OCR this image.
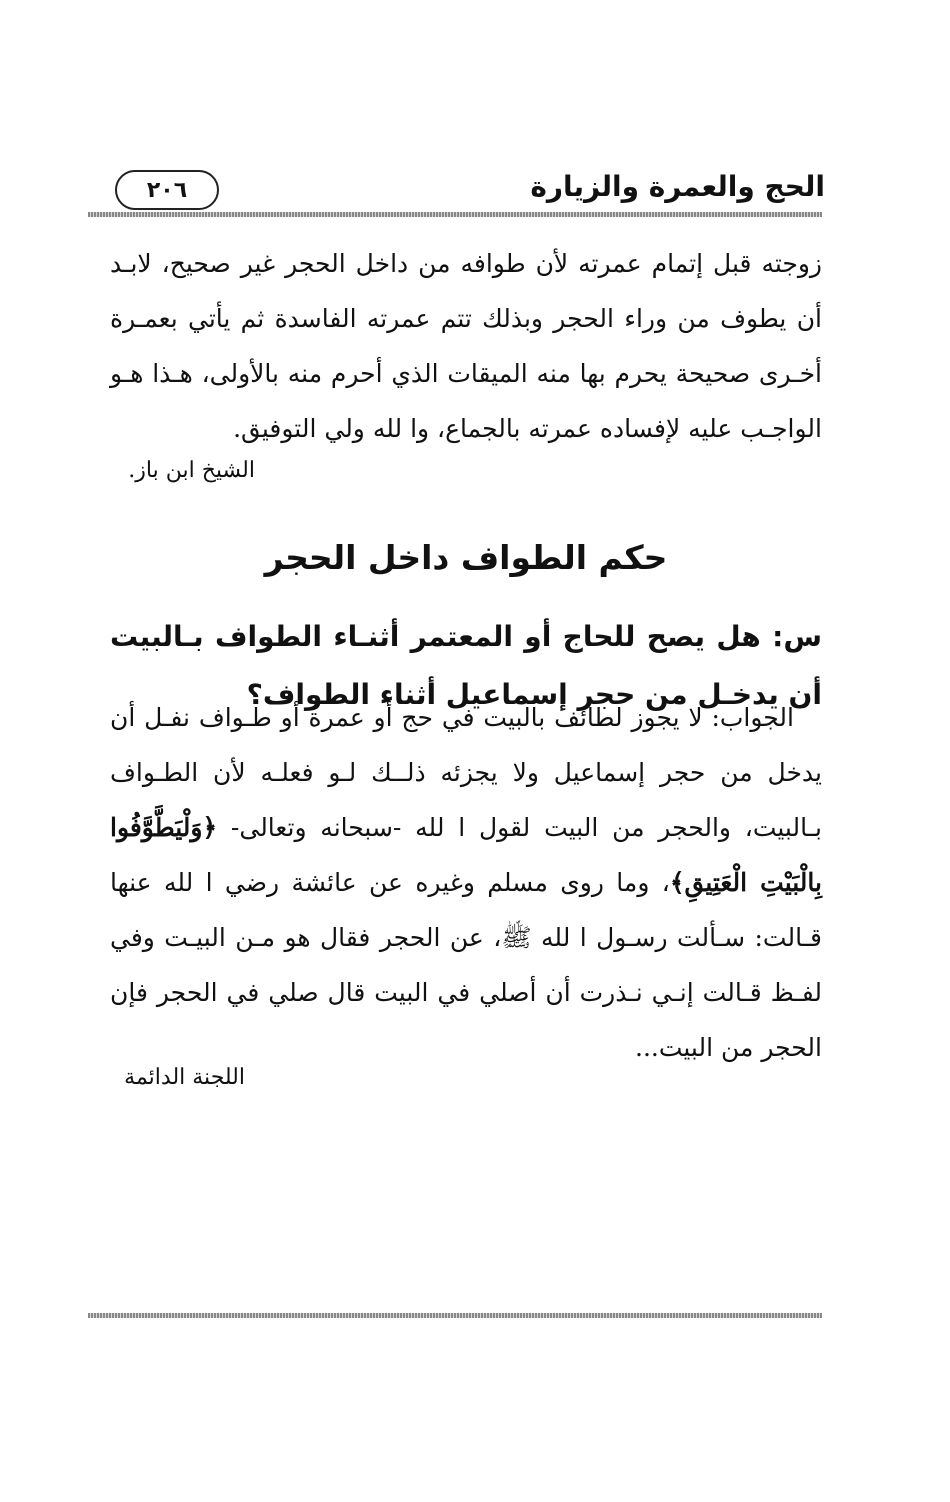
٢٠٦	الحج والعمرة والزيارة
زوجته قبل إتمام عمرته لأن طوافه من داخل الحجر غير صحيح، لابـد أن يطوف من وراء الحجر وبذلك تتم عمرته الفاسدة ثم يأتي بعمـرة أخـرى صحيحة يحرم بها منه الميقات الذي أحرم منه بالأولى، هـذا هـو الواجـب عليه لإفساده عمرته بالجماع، وا لله ولي التوفيق.
الشيخ ابن باز.
حكم الطواف داخل الحجر
س: هل يصح للحاج أو المعتمر أثنـاء الطواف بـالبيت أن يدخـل من حجر إسماعيل أثناء الطواف؟
الجواب: لا يجوز لطائف بالبيت في حج أو عمرة أو طـواف نفـل أن يدخل من حجر إسماعيل ولا يجزئه ذلــك لـو فعلـه لأن الطـواف بـالبيت، والحجر من البيت لقول ا لله -سبحانه وتعالى- ﴿وَلْيَطَّوَّفُوا بِالْبَيْتِ الْعَتِيقِ﴾، وما روى مسلم وغيره عن عائشة رضي ا لله عنها قـالت: سـألت رسـول ا لله ﷺ، عن الحجر فقال هو مـن البيـت وفي لفـظ قـالت إنـي نـذرت أن أصلي في البيت قال صلي في الحجر فإن الحجر من البيت...
اللجنة الدائمة
